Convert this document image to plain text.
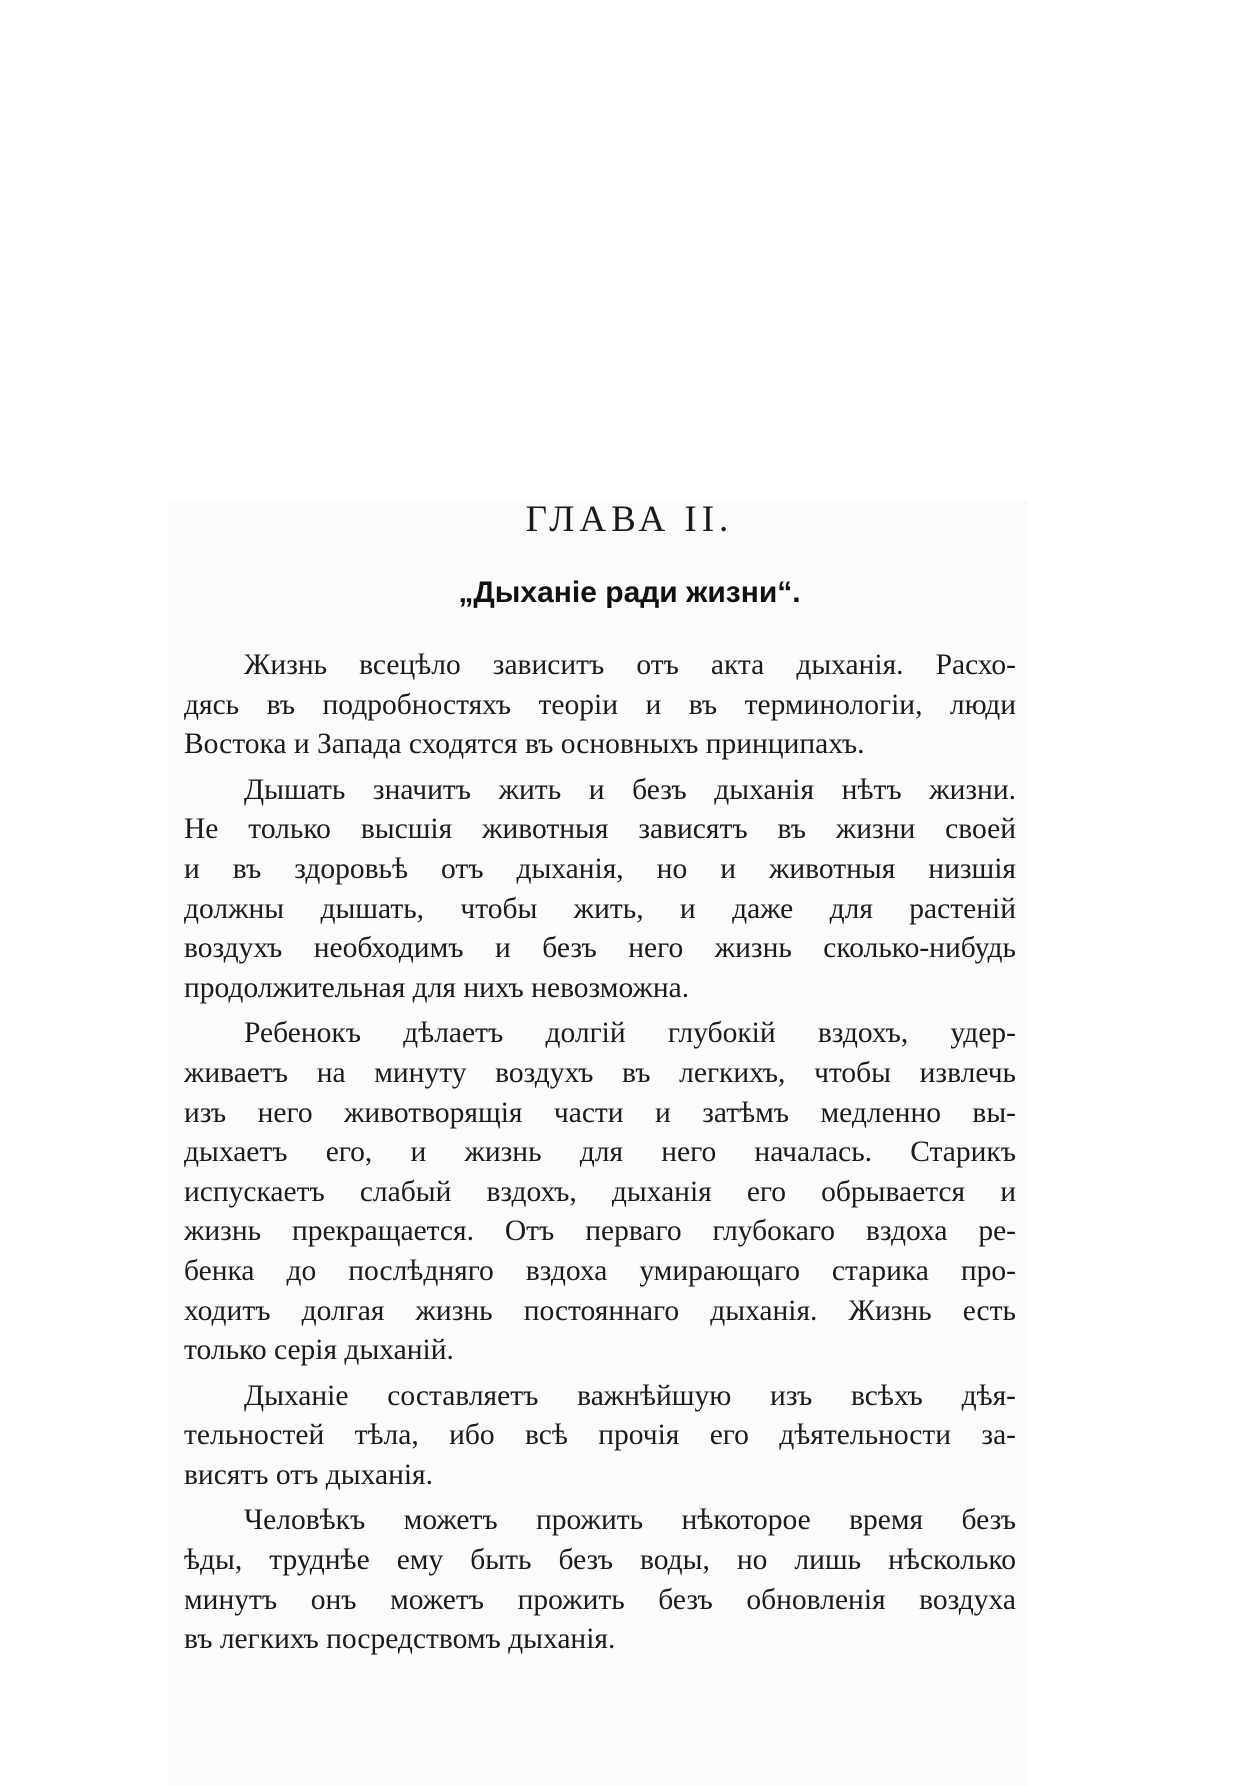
ГЛАВА II.
„Дыханіе ради жизни“.
Жизнь всецѣло зависитъ отъ акта дыханія. Расхо-
дясь въ подробностяхъ теоріи и въ терминологіи, люди
Востока и Запада сходятся въ основныхъ принципахъ.
Дышать значитъ жить и безъ дыханія нѣтъ жизни.
Не только высшія животныя зависятъ въ жизни своей
и въ здоровьѣ отъ дыханія, но и животныя низшія
должны дышать, чтобы жить, и даже для растеній
воздухъ необходимъ и безъ него жизнь сколько-нибудь
продолжительная для нихъ невозможна.
Ребенокъ дѣлаетъ долгій глубокій вздохъ, удер-
живаетъ на минуту воздухъ въ легкихъ, чтобы извлечь
изъ него животворящія части и затѣмъ медленно вы-
дыхаетъ его, и жизнь для него началась. Старикъ
испускаетъ слабый вздохъ, дыханія его обрывается и
жизнь прекращается. Отъ перваго глубокаго вздоха ре-
бенка до послѣдняго вздоха умирающаго старика про-
ходитъ долгая жизнь постояннаго дыханія. Жизнь есть
только серія дыханій.
Дыханіе составляетъ важнѣйшую изъ всѣхъ дѣя-
тельностей тѣла, ибо всѣ прочія его дѣятельности за-
висятъ отъ дыханія.
Человѣкъ можетъ прожить нѣкоторое время безъ
ѣды, труднѣе ему быть безъ воды, но лишь нѣсколько
минутъ онъ можетъ прожить безъ обновленія воздуха
въ легкихъ посредствомъ дыханія.
